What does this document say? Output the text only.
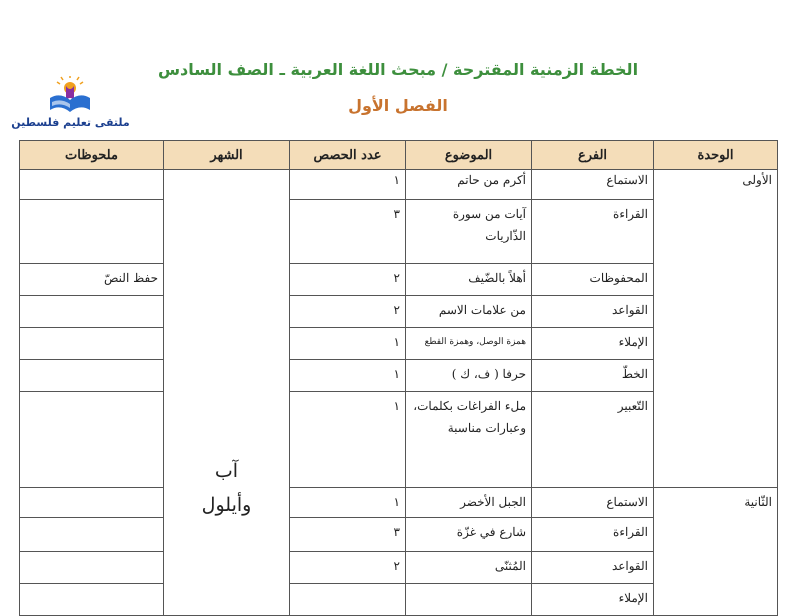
ملتقى تعليم فلسطين
الخطة الزمنية المقترحة / مبحث اللغة العربية ـ الصف السادس
الفصل الأول
الوحدة	الفرع	الموضوع	عدد الحصص	الشهر	ملحوظات
الأولى	الاستماع	أكرم من حاتم	١	آب
وأيلول	

	القراءة	آيات من سورة الذّاريات	٣		
	المحفوظات	أهلاً بالضّيف	٢		حفظ النصّ
	القواعد	من علامات الاسم	٢		
	الإملاء	همزة الوصل، وهمزة القطع	١		
	الخطّ	حرفا ( ف، ك )	١		
	التّعبير	ملء الفراغات بكلمات، وعبارات مناسبة	١		
الثّانية	الاستماع	الجبل الأخضر	١		
	القراءة	شارع في غزّة	٣		
	القواعد	المُثنّى	٢		
	الإملاء				
